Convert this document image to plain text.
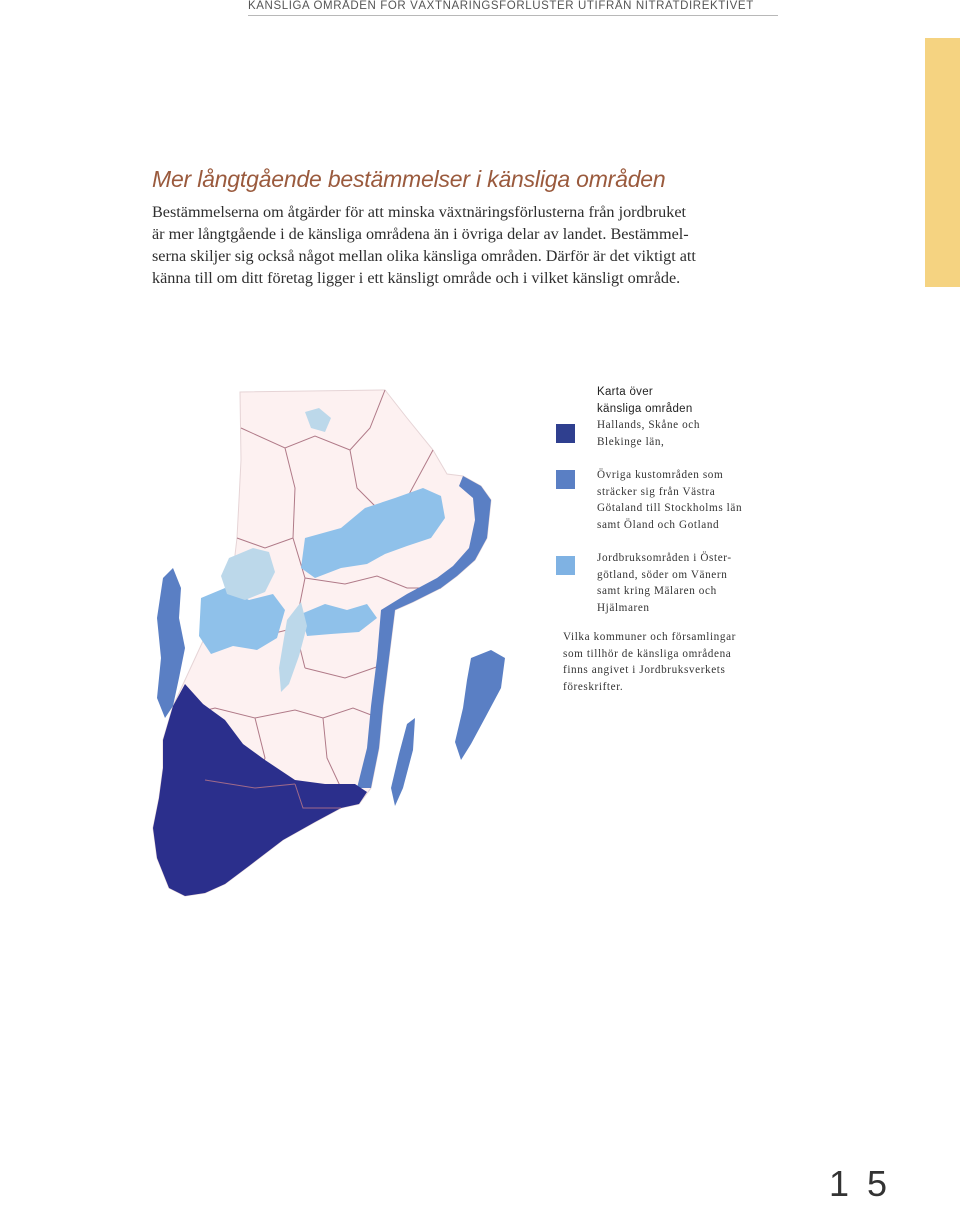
KÄNSLIGA OMRÅDEN FÖR VÄXTNÄRINGSFÖRLUSTER UTIFRÅN NITRATDIREKTIVET
Mer långtgående bestämmelser i känsliga områden

Bestämmelserna om åtgärder för att minska växtnäringsförlusterna från jordbruket
är mer långtgående i de känsliga områdena än i övriga delar av landet. Bestämmel-
serna skiljer sig också något mellan olika känsliga områden. Därför är det viktigt att
känna till om ditt företag ligger i ett känsligt område och i vilket känsligt område.

Karta över
känsliga områden
Hallands, Skåne och
Blekinge län,
Övriga kustområden som
sträcker sig från Västra
Götaland till Stockholms län
samt Öland och Gotland
Jordbruksområden i Öster-
götland, söder om Vänern
samt kring Mälaren och
Hjälmaren
Vilka kommuner och församlingar
som tillhör de känsliga områdena
finns angivet i Jordbruksverkets
föreskrifter.
15
